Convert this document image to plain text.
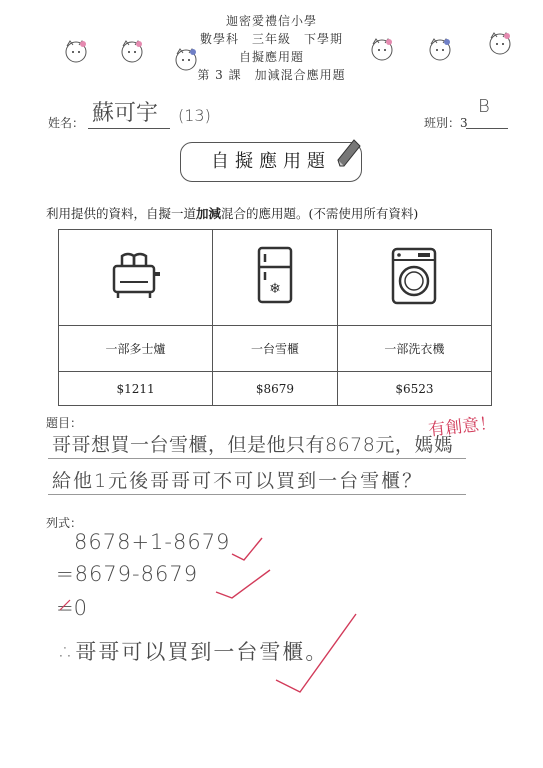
迦密愛禮信小學
數學科　三年級　下學期
自擬應用題
第 3 課　加減混合應用題
姓名： 蘇可宇 (13)	班別：3
B
自擬應用題
利用提供的資料，自擬一道加減混合的應用題。(不需使用所有資料)

❄

一部多士爐	一台雪櫃	一部洗衣機
$1211	$8679	$6523
題目：	有創意！
哥哥想買一台雪櫃，但是他只有8678元，媽媽
給他1元後哥哥可不可以買到一台雪櫃？
列式：
8678+1-8679
=8679-8679
=0
∴哥哥可以買到一台雪櫃。
